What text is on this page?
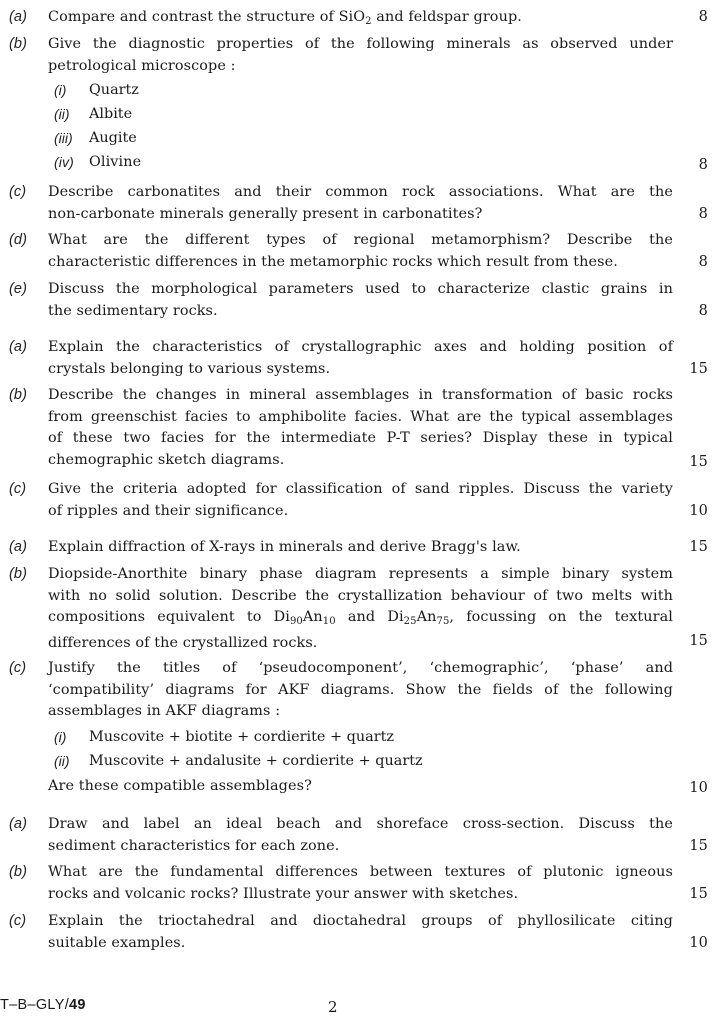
(a) Compare and contrast the structure of SiO$_2$ and feldspar group.	8
(b) Give the diagnostic properties of the following minerals as observed under
petrological microscope :
(i) Quartz
(ii) Albite
(iii) Augite
(iv) Olivine	8
(c) Describe carbonatites and their common rock associations. What are the
non-carbonate minerals generally present in carbonatites?	8
(d) What are the different types of regional metamorphism? Describe the
characteristic differences in the metamorphic rocks which result from these.	8
(e) Discuss the morphological parameters used to characterize clastic grains in
the sedimentary rocks.	8
(a) Explain the characteristics of crystallographic axes and holding position of
crystals belonging to various systems.	15
(b) Describe the changes in mineral assemblages in transformation of basic rocks
from greenschist facies to amphibolite facies. What are the typical assemblages
of these two facies for the intermediate P-T series? Display these in typical
chemographic sketch diagrams.	15
(c) Give the criteria adopted for classification of sand ripples. Discuss the variety
of ripples and their significance.	10
(a) Explain diffraction of X-rays in minerals and derive Bragg's law.	15
(b) Diopside-Anorthite binary phase diagram represents a simple binary system
with no solid solution. Describe the crystallization behaviour of two melts with
compositions equivalent to $Di_{90}An_{10}$ and $Di_{25}An_{75}$, focussing on the textural
differences of the crystallized rocks.	15
(c) Justify the titles of ‘pseudocomponent’, ‘chemographic’, ‘phase’ and
‘compatibility’ diagrams for AKF diagrams. Show the fields of the following
assemblages in AKF diagrams :
(i) Muscovite + biotite + cordierite + quartz
(ii) Muscovite + andalusite + cordierite + quartz
Are these compatible assemblages?	10
(a) Draw and label an ideal beach and shoreface cross-section. Discuss the
sediment characteristics for each zone.	15
(b) What are the fundamental differences between textures of plutonic igneous
rocks and volcanic rocks? Illustrate your answer with sketches.	15
(c) Explain the trioctahedral and dioctahedral groups of phyllosilicate citing
suitable examples.	10
T–B–GLY/49	2
